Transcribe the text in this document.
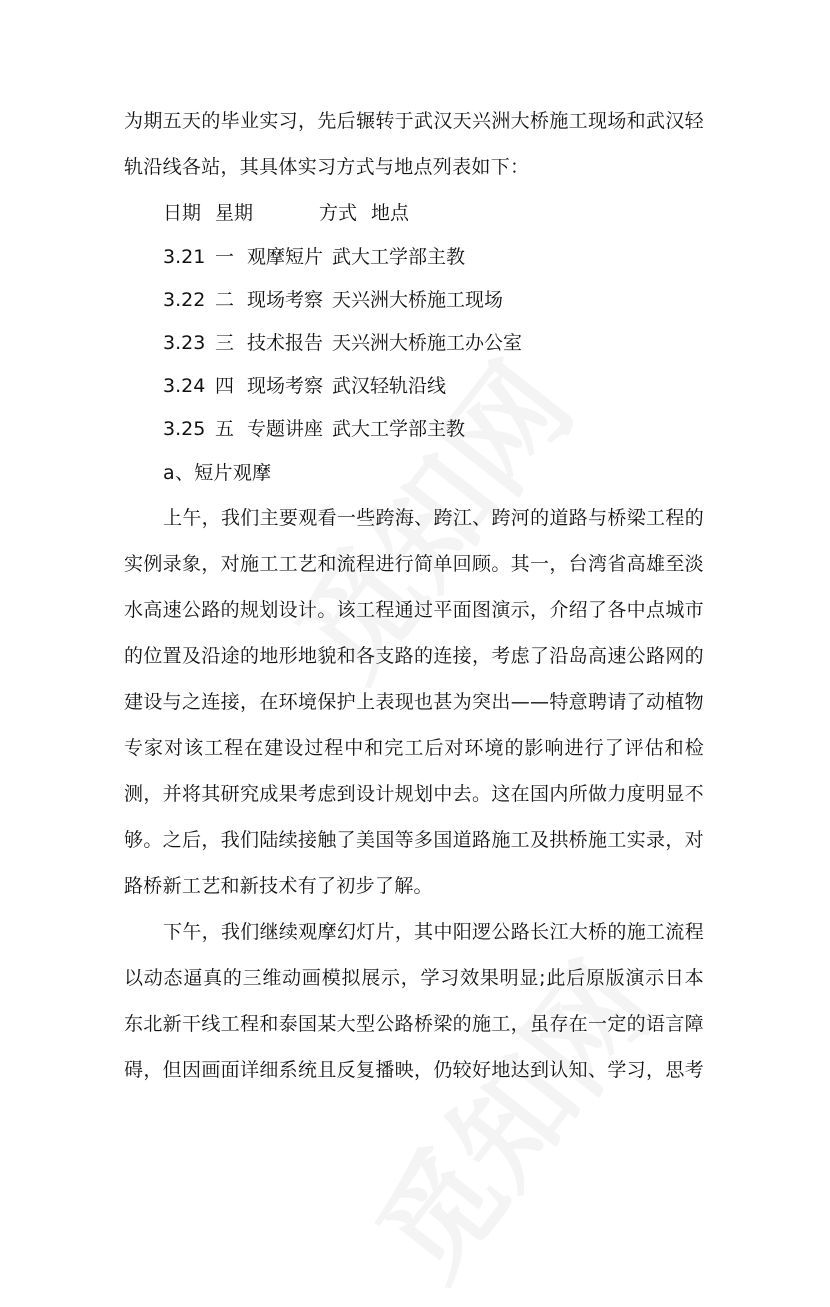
为期五天的毕业实习，先后辗转于武汉天兴洲大桥施工现场和武汉轻
轨沿线各站，其具体实习方式与地点列表如下：
日期 星期	方式 地点
3.21 一 观摩短片 武大工学部主教
3.22 二 现场考察 天兴洲大桥施工现场
3.23 三 技术报告 天兴洲大桥施工办公室
3.24 四 现场考察 武汉轻轨沿线
3.25 五 专题讲座 武大工学部主教
a、短片观摩
上午，我们主要观看一些跨海、跨江、跨河的道路与桥梁工程的
实例录象，对施工工艺和流程进行简单回顾。其一，台湾省高雄至淡
水高速公路的规划设计。该工程通过平面图演示，介绍了各中点城市
的位置及沿途的地形地貌和各支路的连接，考虑了沿岛高速公路网的
建设与之连接，在环境保护上表现也甚为突出——特意聘请了动植物
专家对该工程在建设过程中和完工后对环境的影响进行了评估和检
测，并将其研究成果考虑到设计规划中去。这在国内所做力度明显不
够。之后，我们陆续接触了美国等多国道路施工及拱桥施工实录，对
路桥新工艺和新技术有了初步了解。
下午，我们继续观摩幻灯片，其中阳逻公路长江大桥的施工流程
以动态逼真的三维动画模拟展示，学习效果明显;此后原版演示日本
东北新干线工程和泰国某大型公路桥梁的施工，虽存在一定的语言障
碍，但因画面详细系统且反复播映，仍较好地达到认知、学习，思考
